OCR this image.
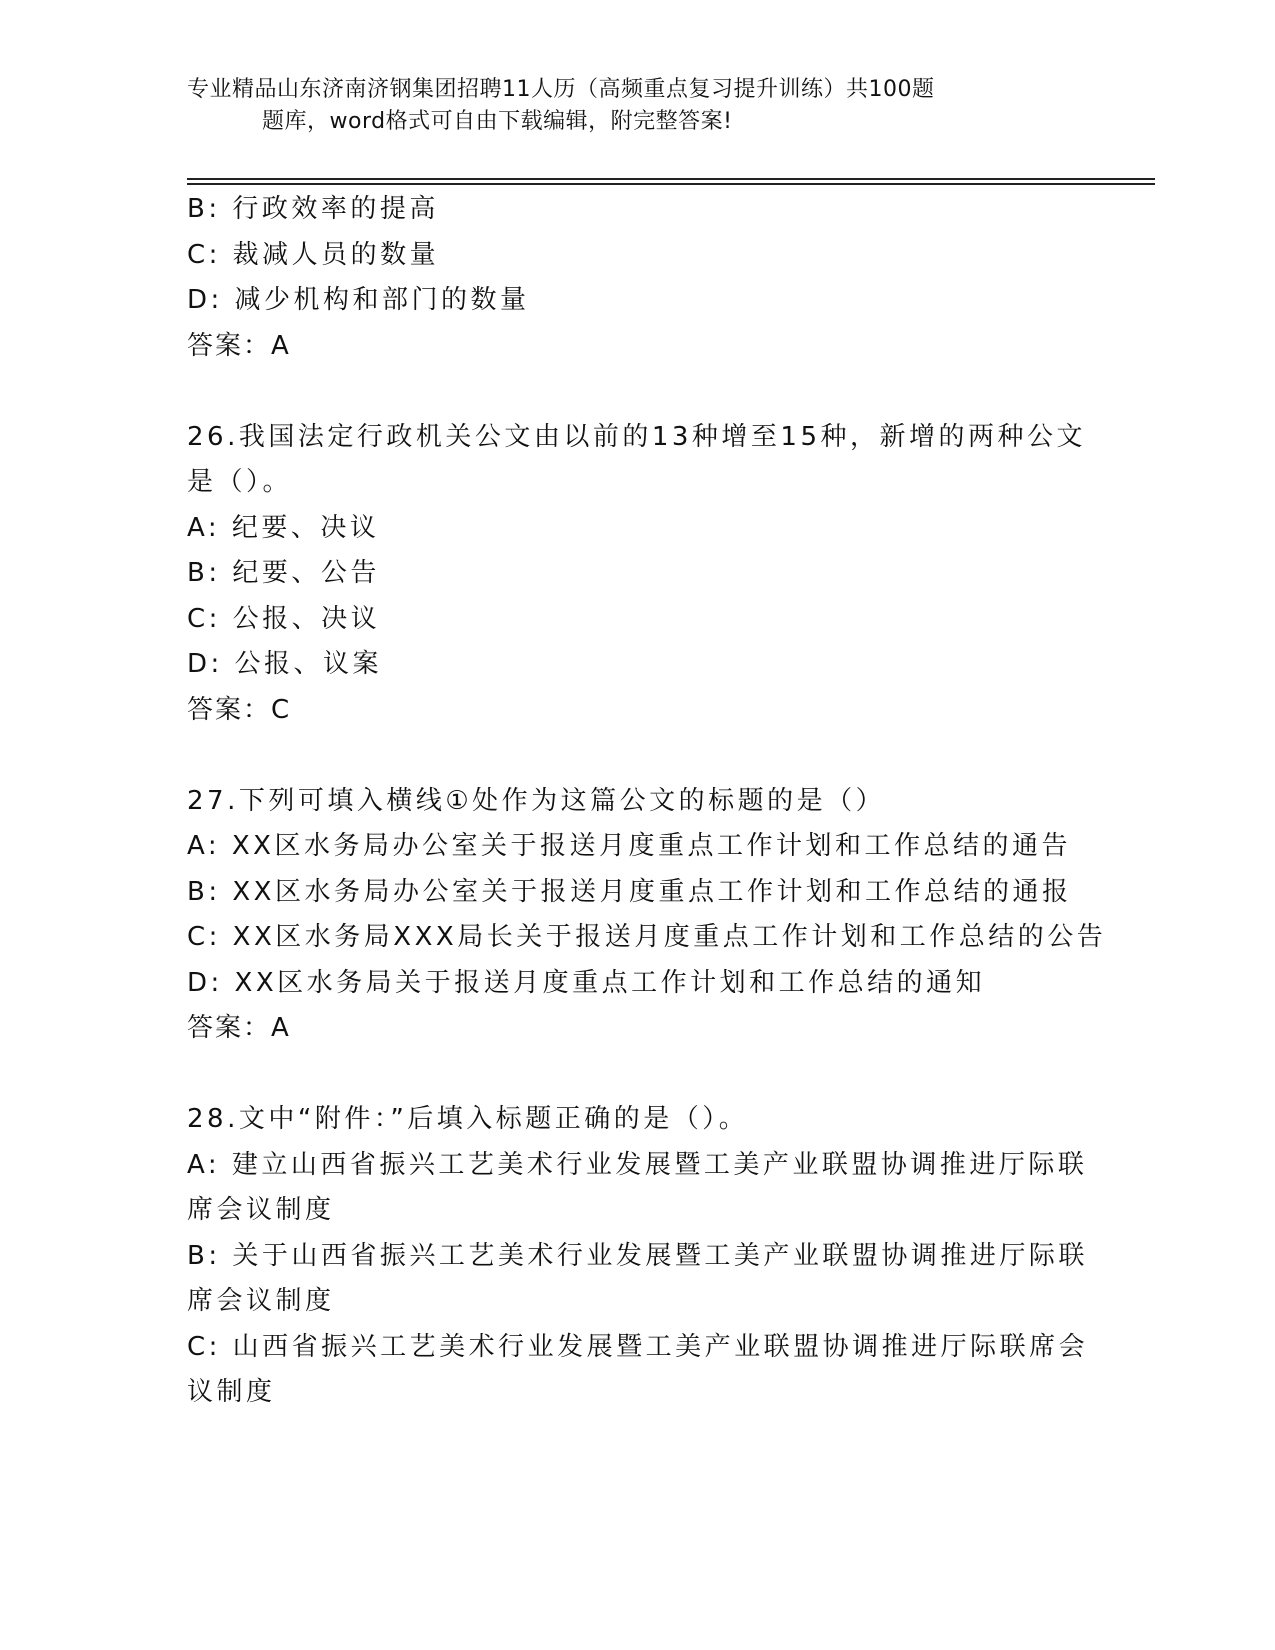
专业精品山东济南济钢集团招聘11人历（高频重点复习提升训练）共100题
题库，word格式可自由下载编辑，附完整答案!
B: 行政效率的提高
C: 裁减人员的数量
D: 减少机构和部门的数量
答案：A
26.我国法定行政机关公文由以前的13种增至15种，新增的两种公文
是（）。
A: 纪要、决议
B: 纪要、公告
C: 公报、决议
D: 公报、议案
答案：C
27.下列可填入横线①处作为这篇公文的标题的是（）
A: XX区水务局办公室关于报送月度重点工作计划和工作总结的通告
B: XX区水务局办公室关于报送月度重点工作计划和工作总结的通报
C: XX区水务局XXX局长关于报送月度重点工作计划和工作总结的公告
D: XX区水务局关于报送月度重点工作计划和工作总结的通知
答案：A
28.文中“附件：”后填入标题正确的是（）。
A: 建立山西省振兴工艺美术行业发展暨工美产业联盟协调推进厅际联
席会议制度
B: 关于山西省振兴工艺美术行业发展暨工美产业联盟协调推进厅际联
席会议制度
C: 山西省振兴工艺美术行业发展暨工美产业联盟协调推进厅际联席会
议制度
